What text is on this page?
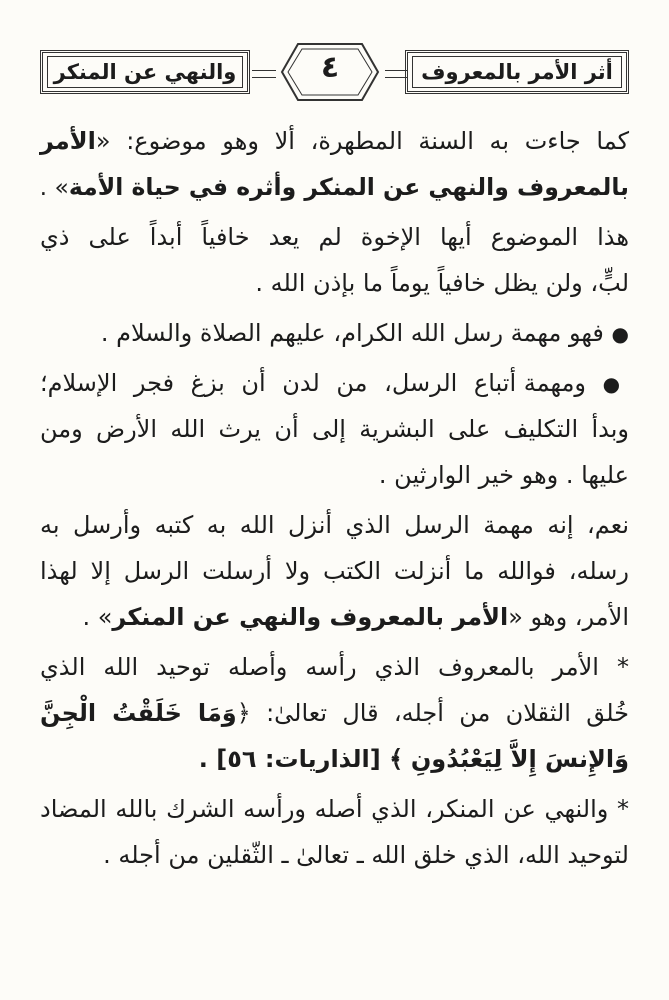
أثر الأمر بالمعروف
٤
والنهي عن المنكر
كما جاءت به السنة المطهرة، ألا وهو موضوع: «الأمر
بالمعروف والنهي عن المنكر وأثره في حياة الأمة» .
هذا الموضوع أيها الإخوة لم يعد خافياً أبداً على ذي
لبٍّ، ولن يظل خافياً يوماً ما بإذن الله .
● فهو مهمة رسل الله الكرام، عليهم الصلاة والسلام .
● ومهمة أتباع الرسل، من لدن أن بزغ فجر الإسلام؛
وبدأ التكليف على البشرية إلى أن يرث الله الأرض ومن
عليها . وهو خير الوارثين .
نعم، إنه مهمة الرسل الذي أنزل الله به كتبه وأرسل به
رسله، فوالله ما أنزلت الكتب ولا أرسلت الرسل إلا لهذا
الأمر، وهو «الأمر بالمعروف والنهي عن المنكر» .
* الأمر بالمعروف الذي رأسه وأصله توحيد الله الذي
خُلق الثقلان من أجله، قال تعالىٰ: ﴿وَمَا خَلَقْتُ الْجِنَّ
وَالإِنسَ إِلاَّ لِيَعْبُدُونِ ﴾ [الذاريات: ٥٦] .
* والنهي عن المنكر، الذي أصله ورأسه الشرك بالله المضاد
لتوحيد الله، الذي خلق الله ـ تعالىٰ ـ الثّقلين من أجله .
